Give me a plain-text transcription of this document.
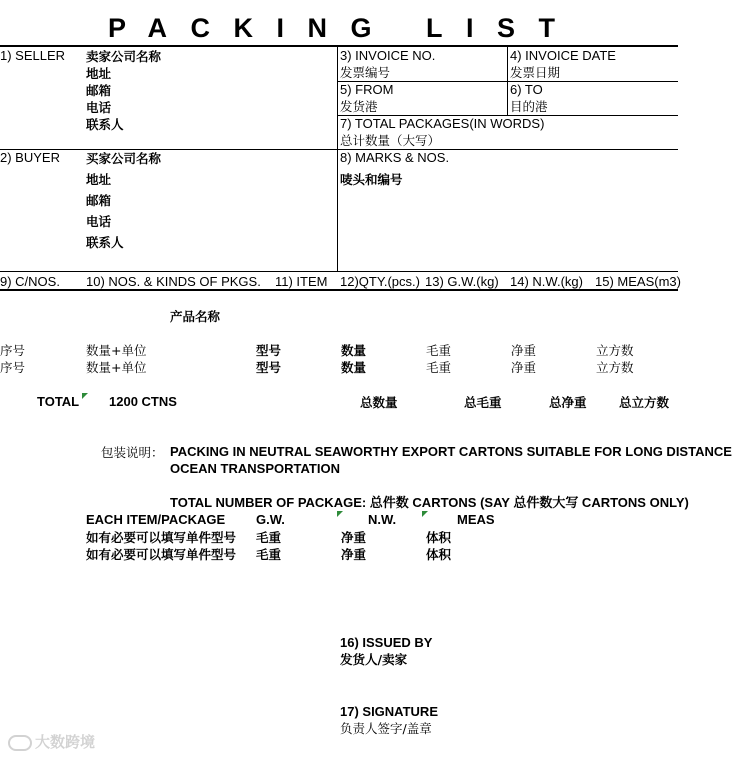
PACKING LIST
1) SELLER 卖家公司名称
地址
邮箱
电话
联系人
3) INVOICE NO.
发票编号
4) INVOICE DATE
发票日期
5) FROM
发货港
6) TO
目的港
7) TOTAL PACKAGES(IN WORDS)
总计数量（大写）
2) BUYER 买家公司名称
地址
邮箱
电话
联系人
8) MARKS & NOS.
唛头和编号
9) C/NOS. 10) NOS. & KINDS OF PKGS. 11) ITEM 12)QTY.(pcs.) 13) G.W.(kg) 14) N.W.(kg) 15) MEAS(m3)
产品名称
序号	数量+单位	型号	数量	毛重	净重	立方数
序号	数量+单位	型号	数量	毛重	净重	立方数
TOTAL 1200 CTNS	总数量	总毛重	总净重	总立方数
包装说明： PACKING IN NEUTRAL SEAWORTHY EXPORT CARTONS SUITABLE FOR LONG DISTANCE
OCEAN TRANSPORTATION
TOTAL NUMBER OF PACKAGE: 总件数 CARTONS (SAY 总件数大写 CARTONS ONLY)
EACH ITEM/PACKAGE G.W.	N.W.	MEAS
如有必要可以填写单件型号 毛重	净重	体积
如有必要可以填写单件型号 毛重	净重	体积
16) ISSUED BY
发货人/卖家
17) SIGNATURE
负责人签字/盖章
大数跨境
